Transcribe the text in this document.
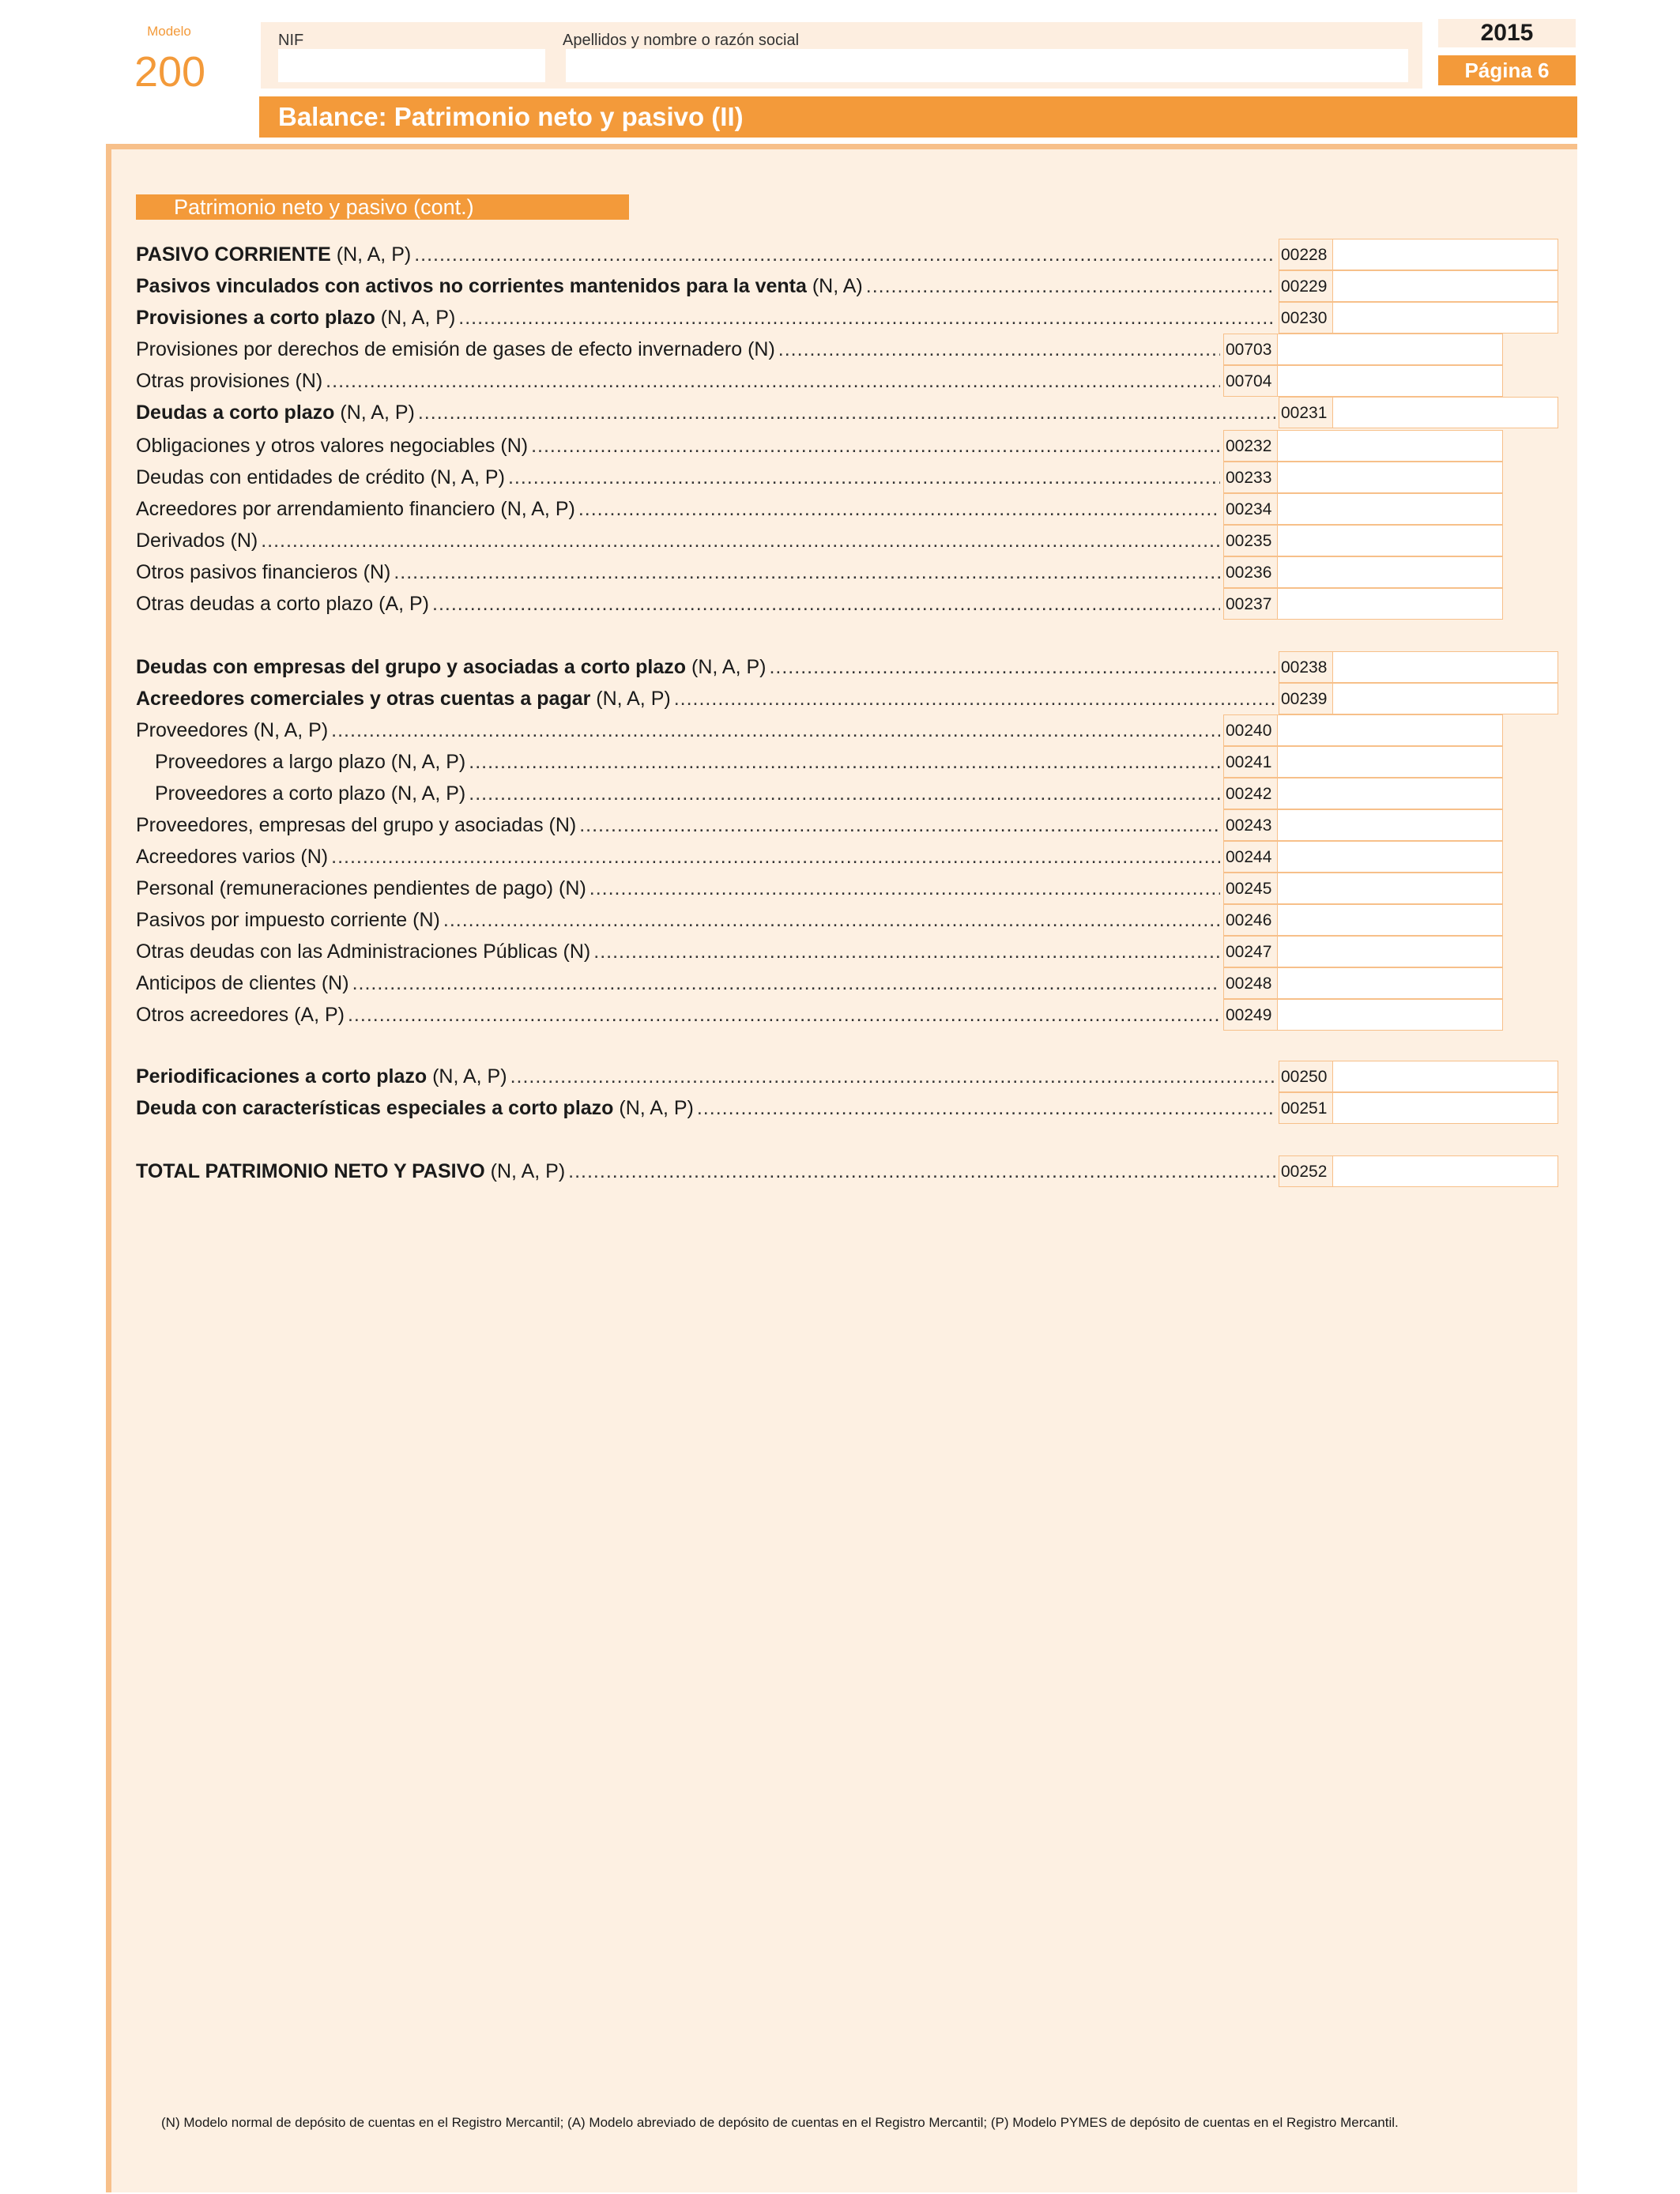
Modelo
200
NIF	Apellidos y nombre o razón social	2015
Página 6
Balance: Patrimonio neto y pasivo (II)
Patrimonio neto y pasivo (cont.)
PASIVO CORRIENTE (N, A, P) .....	00228
Pasivos vinculados con activos no corrientes mantenidos para la venta (N, A) .....	00229
Provisiones a corto plazo (N, A, P) .....	00230
Provisiones por derechos de emisión de gases de efecto invernadero (N) .....	00703
Otras provisiones (N) .....	00704
Deudas a corto plazo (N, A, P) .....	00231
Obligaciones y otros valores negociables (N) .....	00232
Deudas con entidades de crédito (N, A, P) .....	00233
Acreedores por arrendamiento financiero (N, A, P) .....	00234
Derivados (N) .....	00235
Otros pasivos financieros (N) .....	00236
Otras deudas a corto plazo (A, P) .....	00237
Deudas con empresas del grupo y asociadas a corto plazo (N, A, P) .....	00238
Acreedores comerciales y otras cuentas a pagar (N, A, P) .....	00239
Proveedores (N, A, P) .....	00240
Proveedores a largo plazo (N, A, P) .....	00241
Proveedores a corto plazo (N, A, P) .....	00242
Proveedores, empresas del grupo y asociadas (N) .....	00243
Acreedores varios (N) .....	00244
Personal (remuneraciones pendientes de pago) (N) .....	00245
Pasivos por impuesto corriente (N) .....	00246
Otras deudas con las Administraciones Públicas (N) .....	00247
Anticipos de clientes (N) .....	00248
Otros acreedores (A, P) .....	00249
Periodificaciones a corto plazo (N, A, P) .....	00250
Deuda con características especiales a corto plazo (N, A, P) .....	00251
TOTAL PATRIMONIO NETO Y PASIVO (N, A, P) .....	00252
(N) Modelo normal de depósito de cuentas en el Registro Mercantil; (A) Modelo abreviado de depósito de cuentas en el Registro Mercantil; (P) Modelo PYMES de depósito de cuentas en el Registro Mercantil.
